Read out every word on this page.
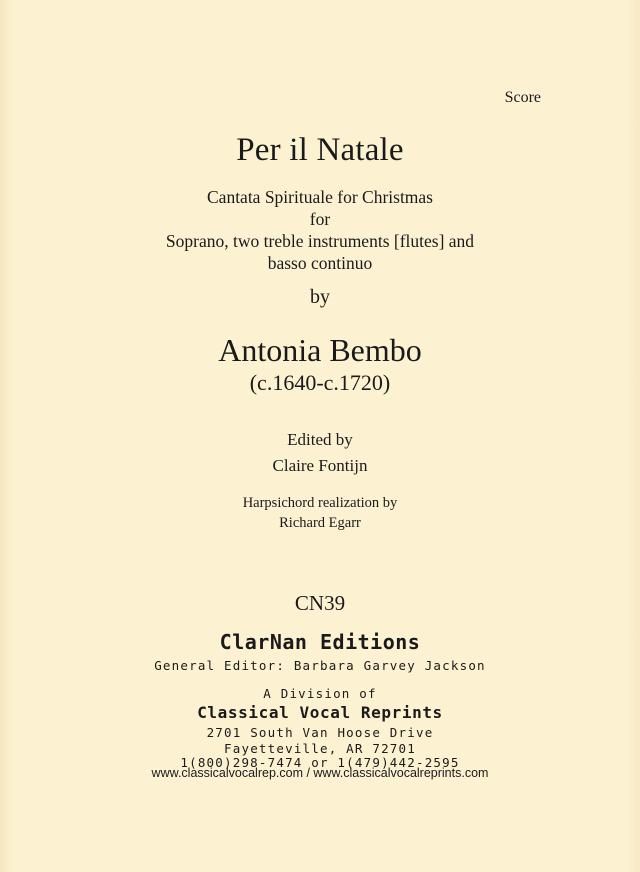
Score
Per il Natale
Cantata Spirituale for Christmas
for
Soprano, two treble instruments [flutes] and
basso continuo
by
Antonia Bembo
(c.1640-c.1720)
Edited by
Claire Fontijn
Harpsichord realization by
Richard Egarr
CN39
ClarNan Editions
General Editor: Barbara Garvey Jackson
A Division of
Classical Vocal Reprints
2701 South Van Hoose Drive
Fayetteville, AR 72701
1(800)298-7474 or 1(479)442-2595
www.classicalvocalrep.com / www.classicalvocalreprints.com
